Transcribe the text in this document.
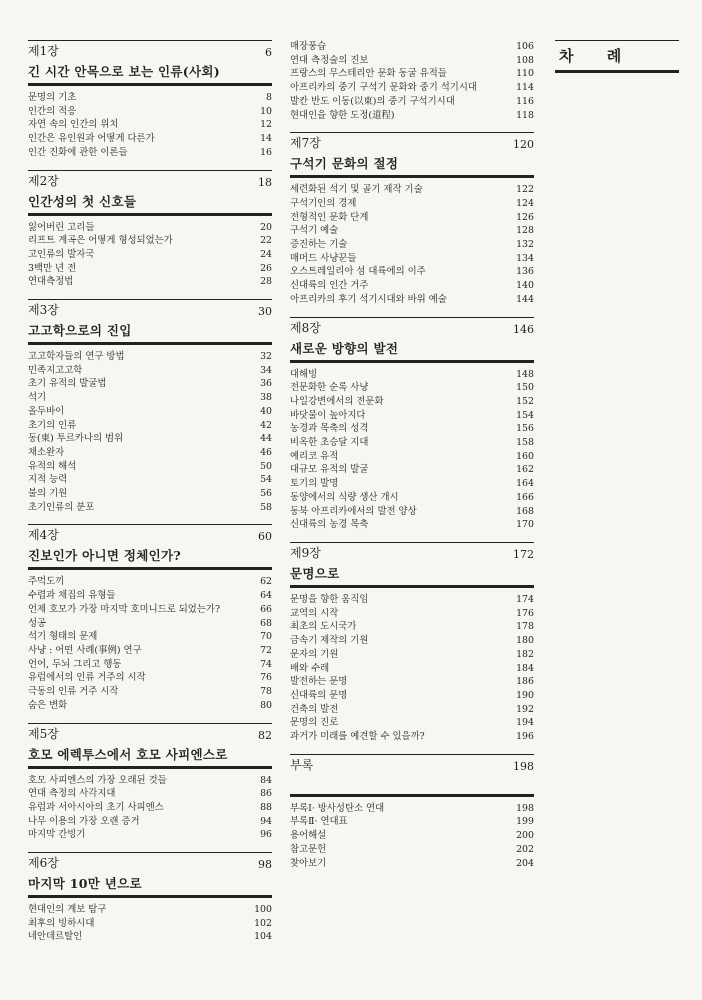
제1장	6
긴 시간 안목으로 보는 인류(사회)
문명의 기초	8
인간의 적응	10
자연 속의 인간의 위치	12
인간은 유인원과 어떻게 다른가	14
인간 진화에 관한 이론들	16
제2장	18
인간성의 첫 신호들
잃어버린 고리들	20
리프트 계곡은 어떻게 형성되었는가	22
고인류의 발자국	24
3백만 년 전	26
연대측정법	28
제3장	30
고고학으로의 진입
고고학자들의 연구 방법	32
민족지고고학	34
초기 유적의 발굴법	36
석기	38
올두바이	40
초기의 인류	42
동(東) 투르카나의 범위	44
채소완자	46
유적의 해석	50
지적 능력	54
불의 기원	56
초기인류의 분포	58
제4장	60
진보인가 아니면 정체인가?
주먹도끼	62
수렵과 채집의 유형들	64
언제 호모가 가장 마지막 호미니드로 되었는가?	66
성공	68
석기 형태의 문제	70
사냥 : 어떤 사례(事例) 연구	72
언어, 두뇌 그리고 행동	74
유럽에서의 인류 거주의 시작	76
극동의 인류 거주 시작	78
숨은 변화	80
제5장	82
호모 에렉투스에서 호모 사피엔스로
호모 사피엔스의 가장 오래된 것들	84
연대 측정의 사각지대	86
유럽과 서아시아의 초기 사피엔스	88
나무 이용의 가장 오랜 증거	94
마지막 간빙기	96
제6장	98
마지막 10만 년으로
현대인의 계보 탐구	100
최후의 빙하시대	102
네안데르탈인	104
매장풍습	106
연대 측정술의 진보	108
프랑스의 무스테리안 문화 동굴 유적들	110
아프리카의 중기 구석기 문화와 중기 석기시대	114
발칸 반도 이동(以東)의 중기 구석기시대	116
현대인을 향한 도정(道程)	118
제7장	120
구석기 문화의 절정
세련화된 석기 및 골기 제작 기술	122
구석기인의 경제	124
전형적인 문화 단계	126
구석기 예술	128
증진하는 기술	132
매머드 사냥꾼들	134
오스트레일리아 섬 대륙에의 이주	136
신대륙의 인간 거주	140
아프리카의 후기 석기시대와 바위 예술	144
제8장	146
새로운 방향의 발전
대해빙	148
전문화한 순록 사냥	150
나일강변에서의 전문화	152
바닷물이 높아지다	154
농경과 목축의 성격	156
비옥한 초승달 지대	158
예리코 유적	160
대규모 유적의 발굴	162
토기의 발명	164
동양에서의 식량 생산 개시	166
동북 아프리카에서의 발전 양상	168
신대륙의 농경 목축	170
제9장	172
문명으로
문명을 향한 움직임	174
교역의 시작	176
최초의 도시국가	178
금속기 제작의 기원	180
문자의 기원	182
배와 수레	184
발전하는 문명	186
신대륙의 문명	190
건축의 발전	192
문명의 진로	194
과거가 미래를 예견할 수 있을까?	196
부록	198

부록Ⅰ· 방사성탄소 연대	198
부록Ⅱ· 연대표	199
용어해설	200
참고문헌	202
찾아보기	204
차 례
